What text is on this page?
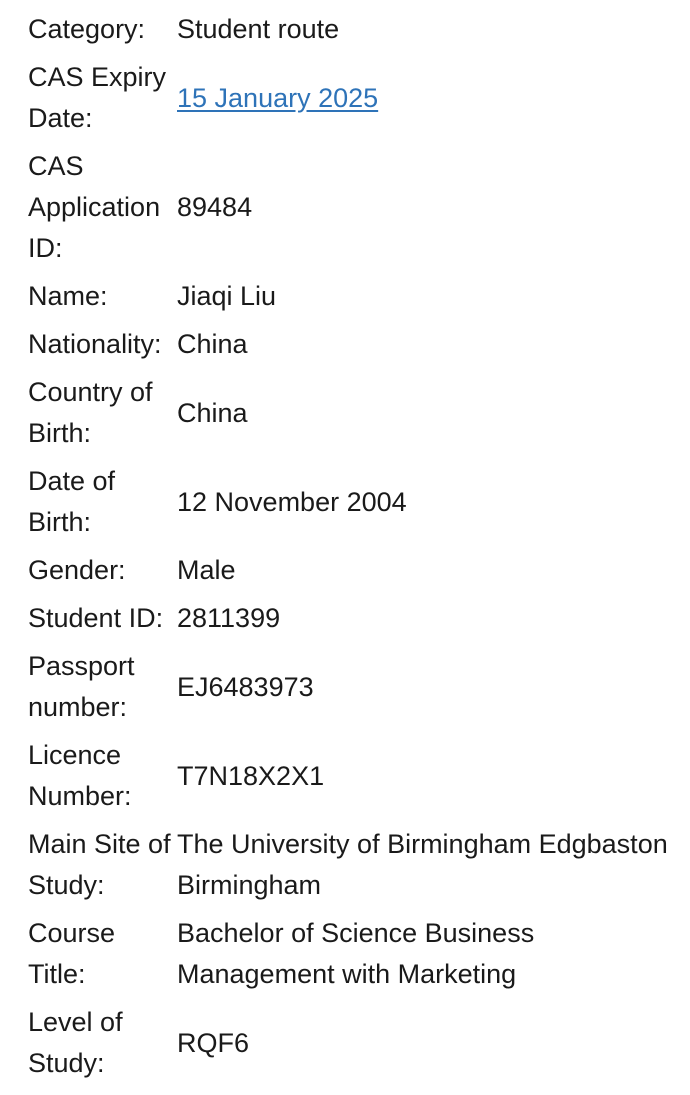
Category:	Student route
CAS Expiry Date:	15 January 2025
CAS Application ID:	89484
Name:	Jiaqi Liu
Nationality:	China
Country of Birth:	China
Date of Birth:	12 November 2004
Gender:	Male
Student ID:	2811399
Passport number:	EJ6483973
Licence Number:	T7N18X2X1
Main Site of Study:	The University of Birmingham Edgbaston Birmingham
Course Title:	Bachelor of Science Business Management with Marketing
Level of Study:	RQF6
